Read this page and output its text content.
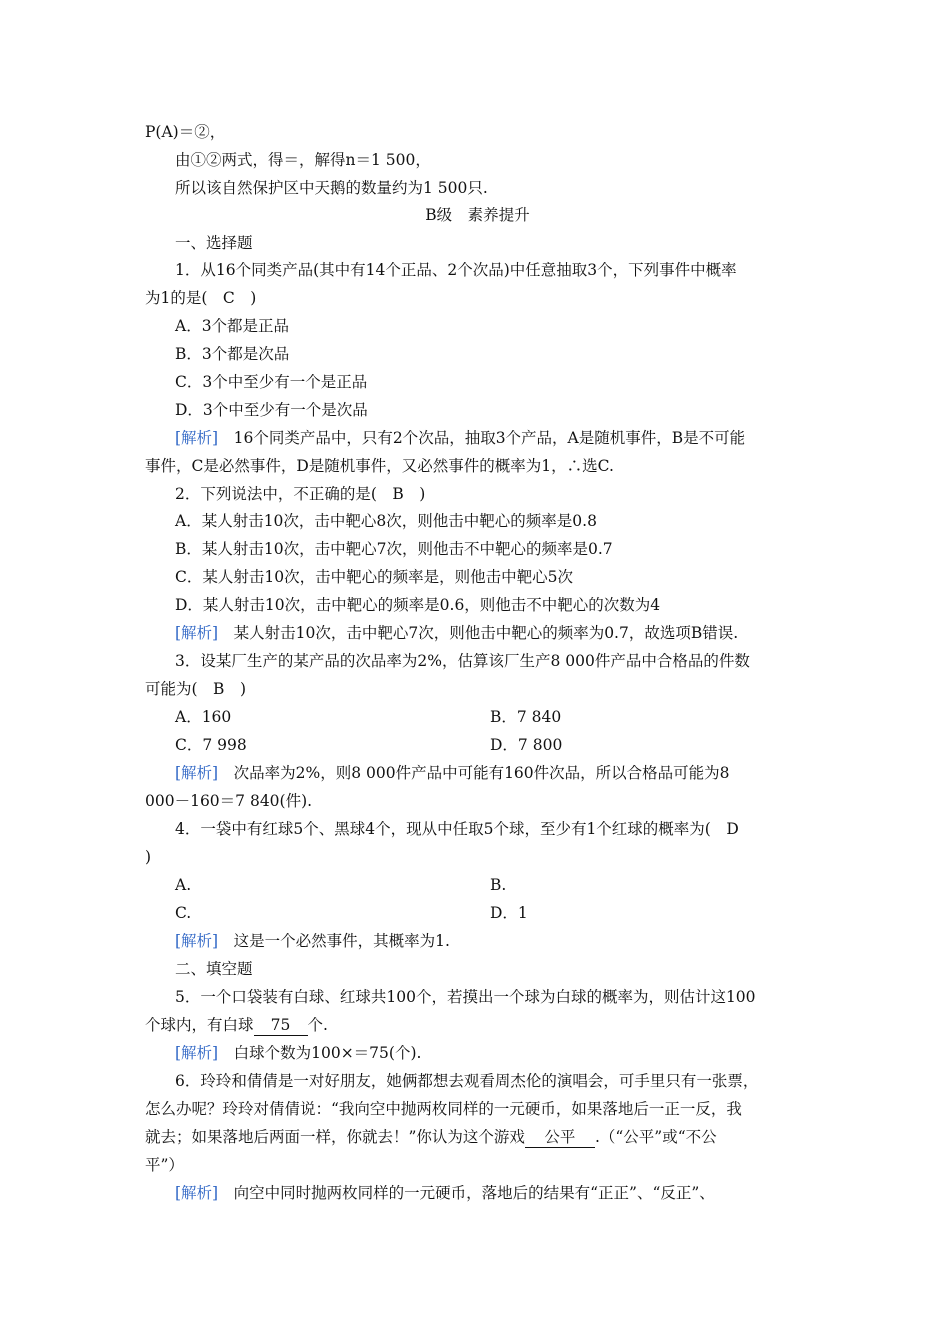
P(A)＝②，
由①②两式，得＝，解得n＝1 500，
所以该自然保护区中天鹅的数量约为1 500只.
B级　素养提升
一、选择题
1．从16个同类产品(其中有14个正品、2个次品)中任意抽取3个，下列事件中概率
为1的是(　C　)
A．3个都是正品
B．3个都是次品
C．3个中至少有一个是正品
D．3个中至少有一个是次品
[解析]　16个同类产品中，只有2个次品，抽取3个产品，A是随机事件，B是不可能
事件，C是必然事件，D是随机事件，又必然事件的概率为1，∴选C.
2．下列说法中，不正确的是(　B　)
A．某人射击10次，击中靶心8次，则他击中靶心的频率是0.8
B．某人射击10次，击中靶心7次，则他击不中靶心的频率是0.7
C．某人射击10次，击中靶心的频率是，则他击中靶心5次
D．某人射击10次，击中靶心的频率是0.6，则他击不中靶心的次数为4
[解析]　某人射击10次，击中靶心7次，则他击中靶心的频率为0.7，故选项B错误.
3．设某厂生产的某产品的次品率为2%，估算该厂生产8 000件产品中合格品的件数
可能为(　B　)
A．160	B．7 840
C．7 998	D．7 800
[解析]　次品率为2%，则8 000件产品中可能有160件次品，所以合格品可能为8
000－160＝7 840(件).
4．一袋中有红球5个、黑球4个，现从中任取5个球，至少有1个红球的概率为(　D
)
A.	B.
C.	D．1
[解析]　这是一个必然事件，其概率为1.
二、填空题
5．一个口袋装有白球、红球共100个，若摸出一个球为白球的概率为，则估计这100
个球内，有白球 75 个.
[解析]　白球个数为100×＝75(个).
6．玲玲和倩倩是一对好朋友，她俩都想去观看周杰伦的演唱会，可手里只有一张票，
怎么办呢？玲玲对倩倩说：“我向空中抛两枚同样的一元硬币，如果落地后一正一反，我
就去；如果落地后两面一样，你就去！”你认为这个游戏 公平 .（“公平”或“不公
平”）
[解析]　向空中同时抛两枚同样的一元硬币，落地后的结果有“正正”、“反正”、
